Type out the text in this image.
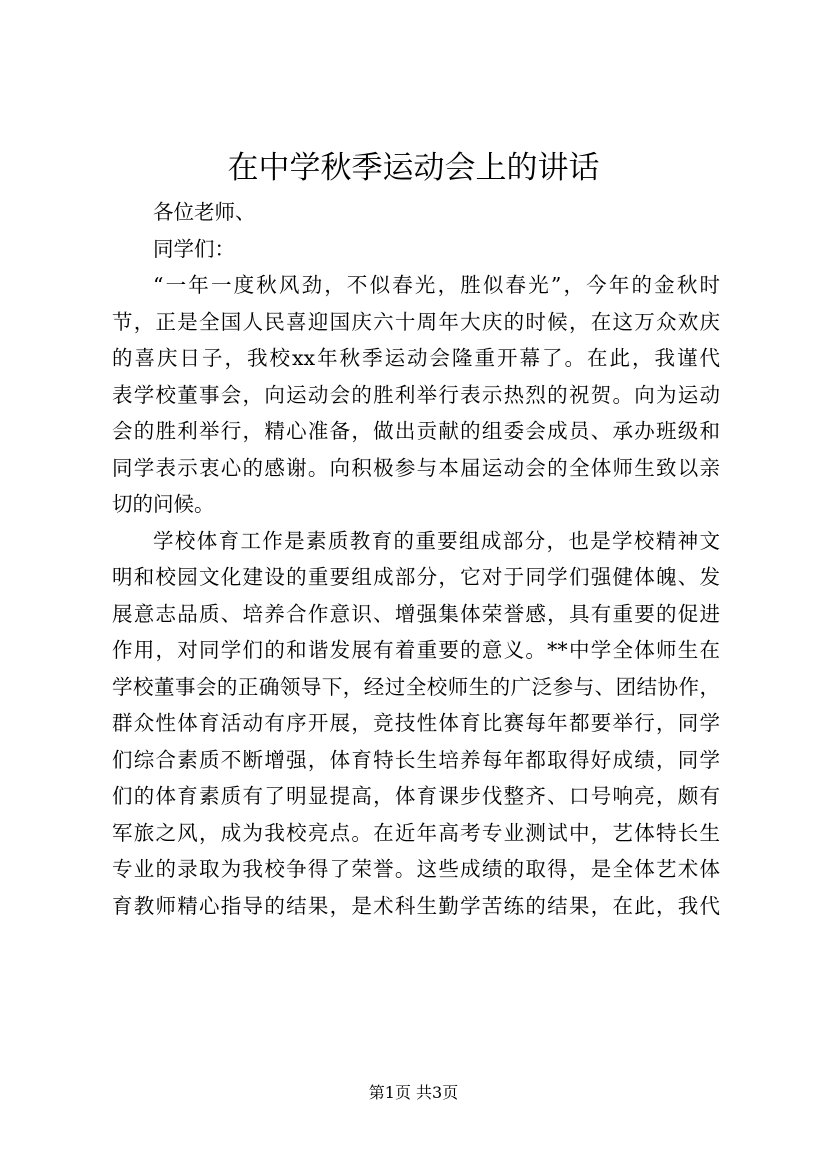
在中学秋季运动会上的讲话
各位老师、
同学们：
“一年一度秋风劲，不似春光，胜似春光”，今年的金秋时
节，正是全国人民喜迎国庆六十周年大庆的时候，在这万众欢庆
的喜庆日子，我校xx年秋季运动会隆重开幕了。在此，我谨代
表学校董事会，向运动会的胜利举行表示热烈的祝贺。向为运动
会的胜利举行，精心准备，做出贡献的组委会成员、承办班级和
同学表示衷心的感谢。向积极参与本届运动会的全体师生致以亲
切的问候。
学校体育工作是素质教育的重要组成部分，也是学校精神文
明和校园文化建设的重要组成部分，它对于同学们强健体魄、发
展意志品质、培养合作意识、增强集体荣誉感，具有重要的促进
作用，对同学们的和谐发展有着重要的意义。**中学全体师生在
学校董事会的正确领导下，经过全校师生的广泛参与、团结协作，
群众性体育活动有序开展，竞技性体育比赛每年都要举行，同学
们综合素质不断增强，体育特长生培养每年都取得好成绩，同学
们的体育素质有了明显提高，体育课步伐整齐、口号响亮，颇有
军旅之风，成为我校亮点。在近年高考专业测试中，艺体特长生
专业的录取为我校争得了荣誉。这些成绩的取得，是全体艺术体
育教师精心指导的结果，是术科生勤学苦练的结果，在此，我代
第1页 共3页
